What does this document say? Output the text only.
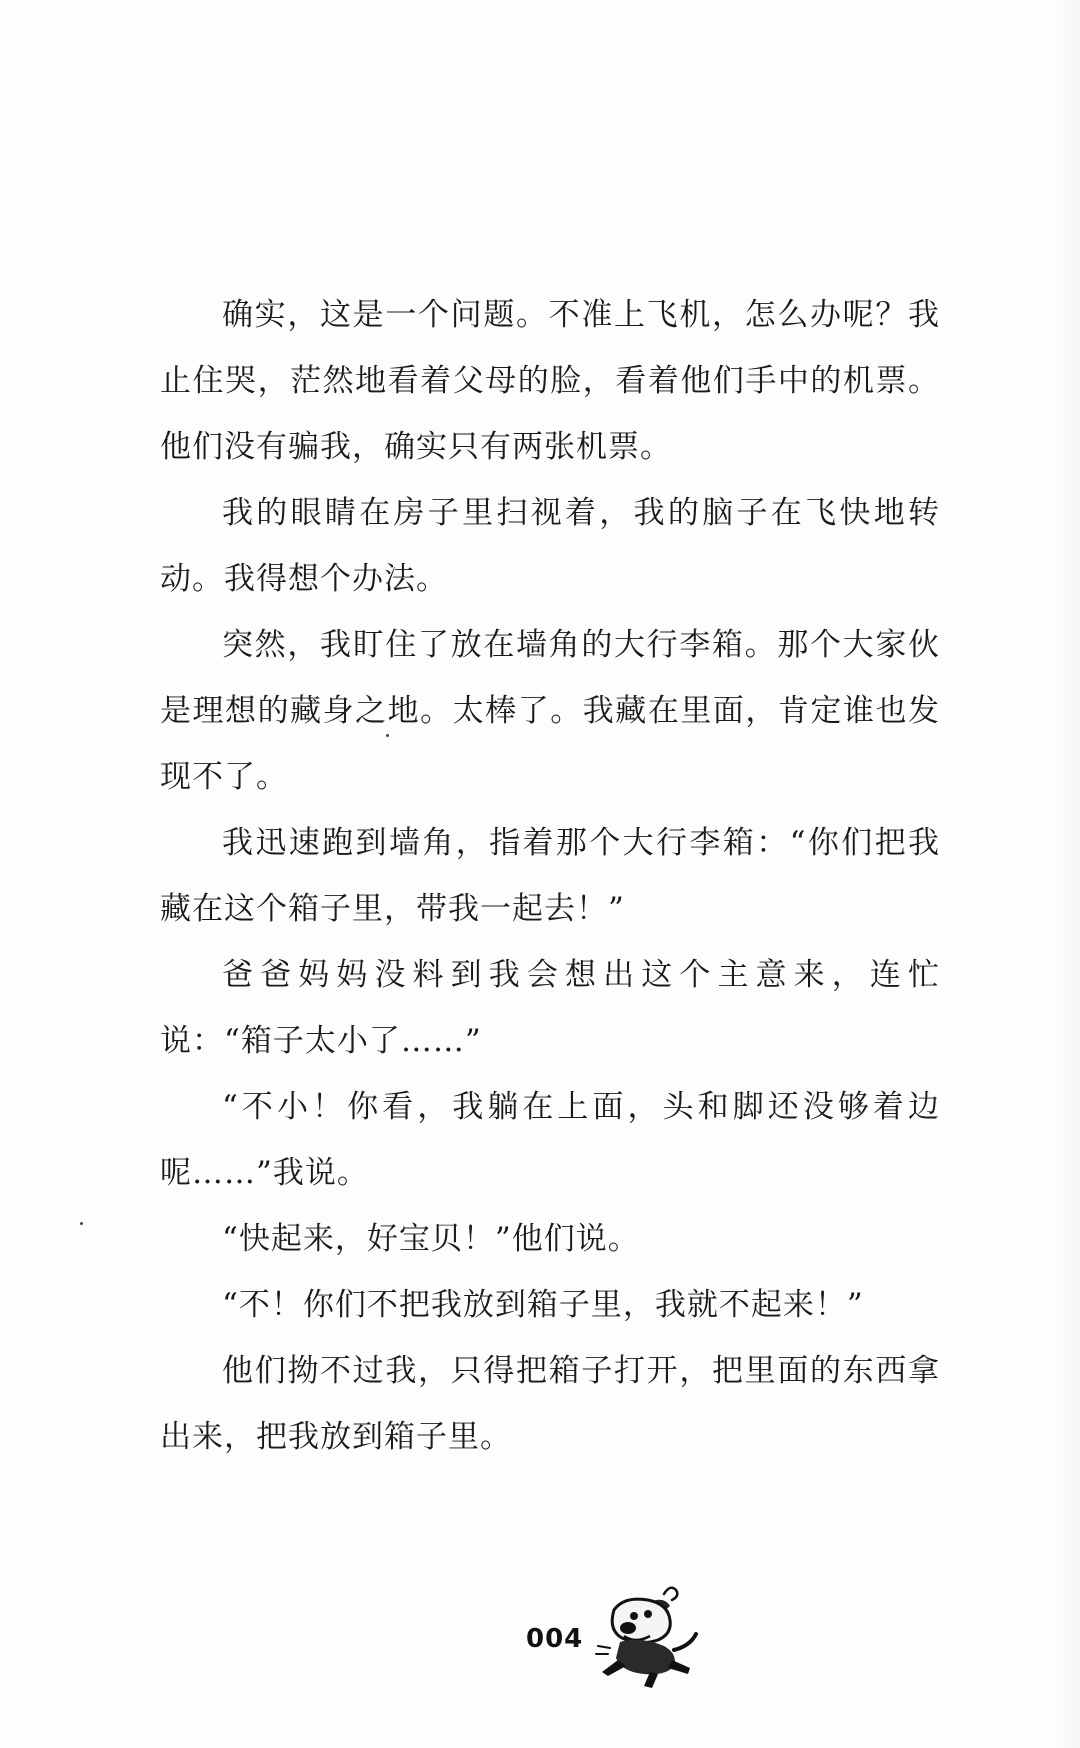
确实，这是一个问题。不准上飞机，怎么办呢？我止住哭，茫然地看着父母的脸，看着他们手中的机票。他们没有骗我，确实只有两张机票。

我的眼睛在房子里扫视着，我的脑子在飞快地转动。我得想个办法。

突然，我盯住了放在墙角的大行李箱。那个大家伙是理想的藏身之地。太棒了。我藏在里面，肯定谁也发现不了。

我迅速跑到墙角，指着那个大行李箱：“你们把我藏在这个箱子里，带我一起去！”

爸爸妈妈没料到我会想出这个主意来，连忙说：“箱子太小了……”

“不小！你看，我躺在上面，头和脚还没够着边呢……”我说。

“快起来，好宝贝！”他们说。

“不！你们不把我放到箱子里，我就不起来！”

他们拗不过我，只得把箱子打开，把里面的东西拿出来，把我放到箱子里。

004
